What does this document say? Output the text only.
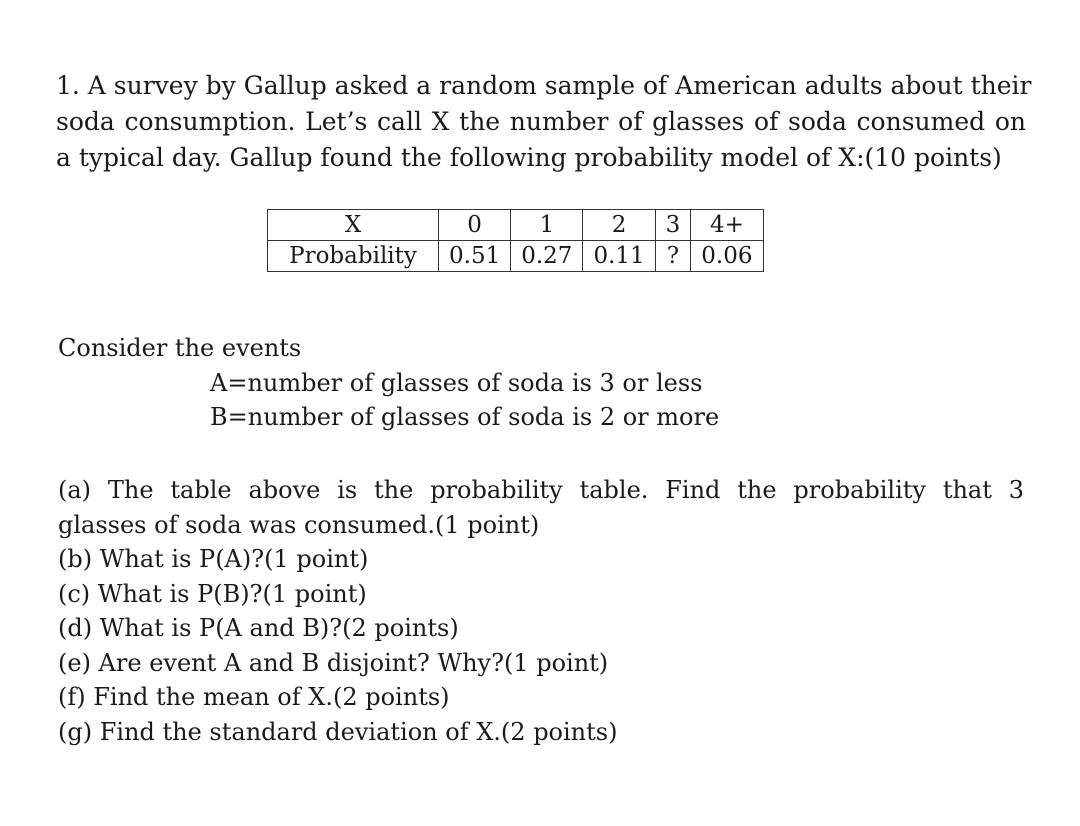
1. A survey by Gallup asked a random sample of American adults about their
soda consumption. Let’s call X the number of glasses of soda consumed on
a typical day. Gallup found the following probability model of X:(10 points)
X	0	1	2	3	4+
Probability	0.51	0.27	0.11	?	0.06
Consider the events
A=number of glasses of soda is 3 or less
B=number of glasses of soda is 2 or more
(a) The table above is the probability table. Find the probability that 3
glasses of soda was consumed.(1 point)
(b) What is P(A)?(1 point)
(c) What is P(B)?(1 point)
(d) What is P(A and B)?(2 points)
(e) Are event A and B disjoint? Why?(1 point)
(f) Find the mean of X.(2 points)
(g) Find the standard deviation of X.(2 points)
